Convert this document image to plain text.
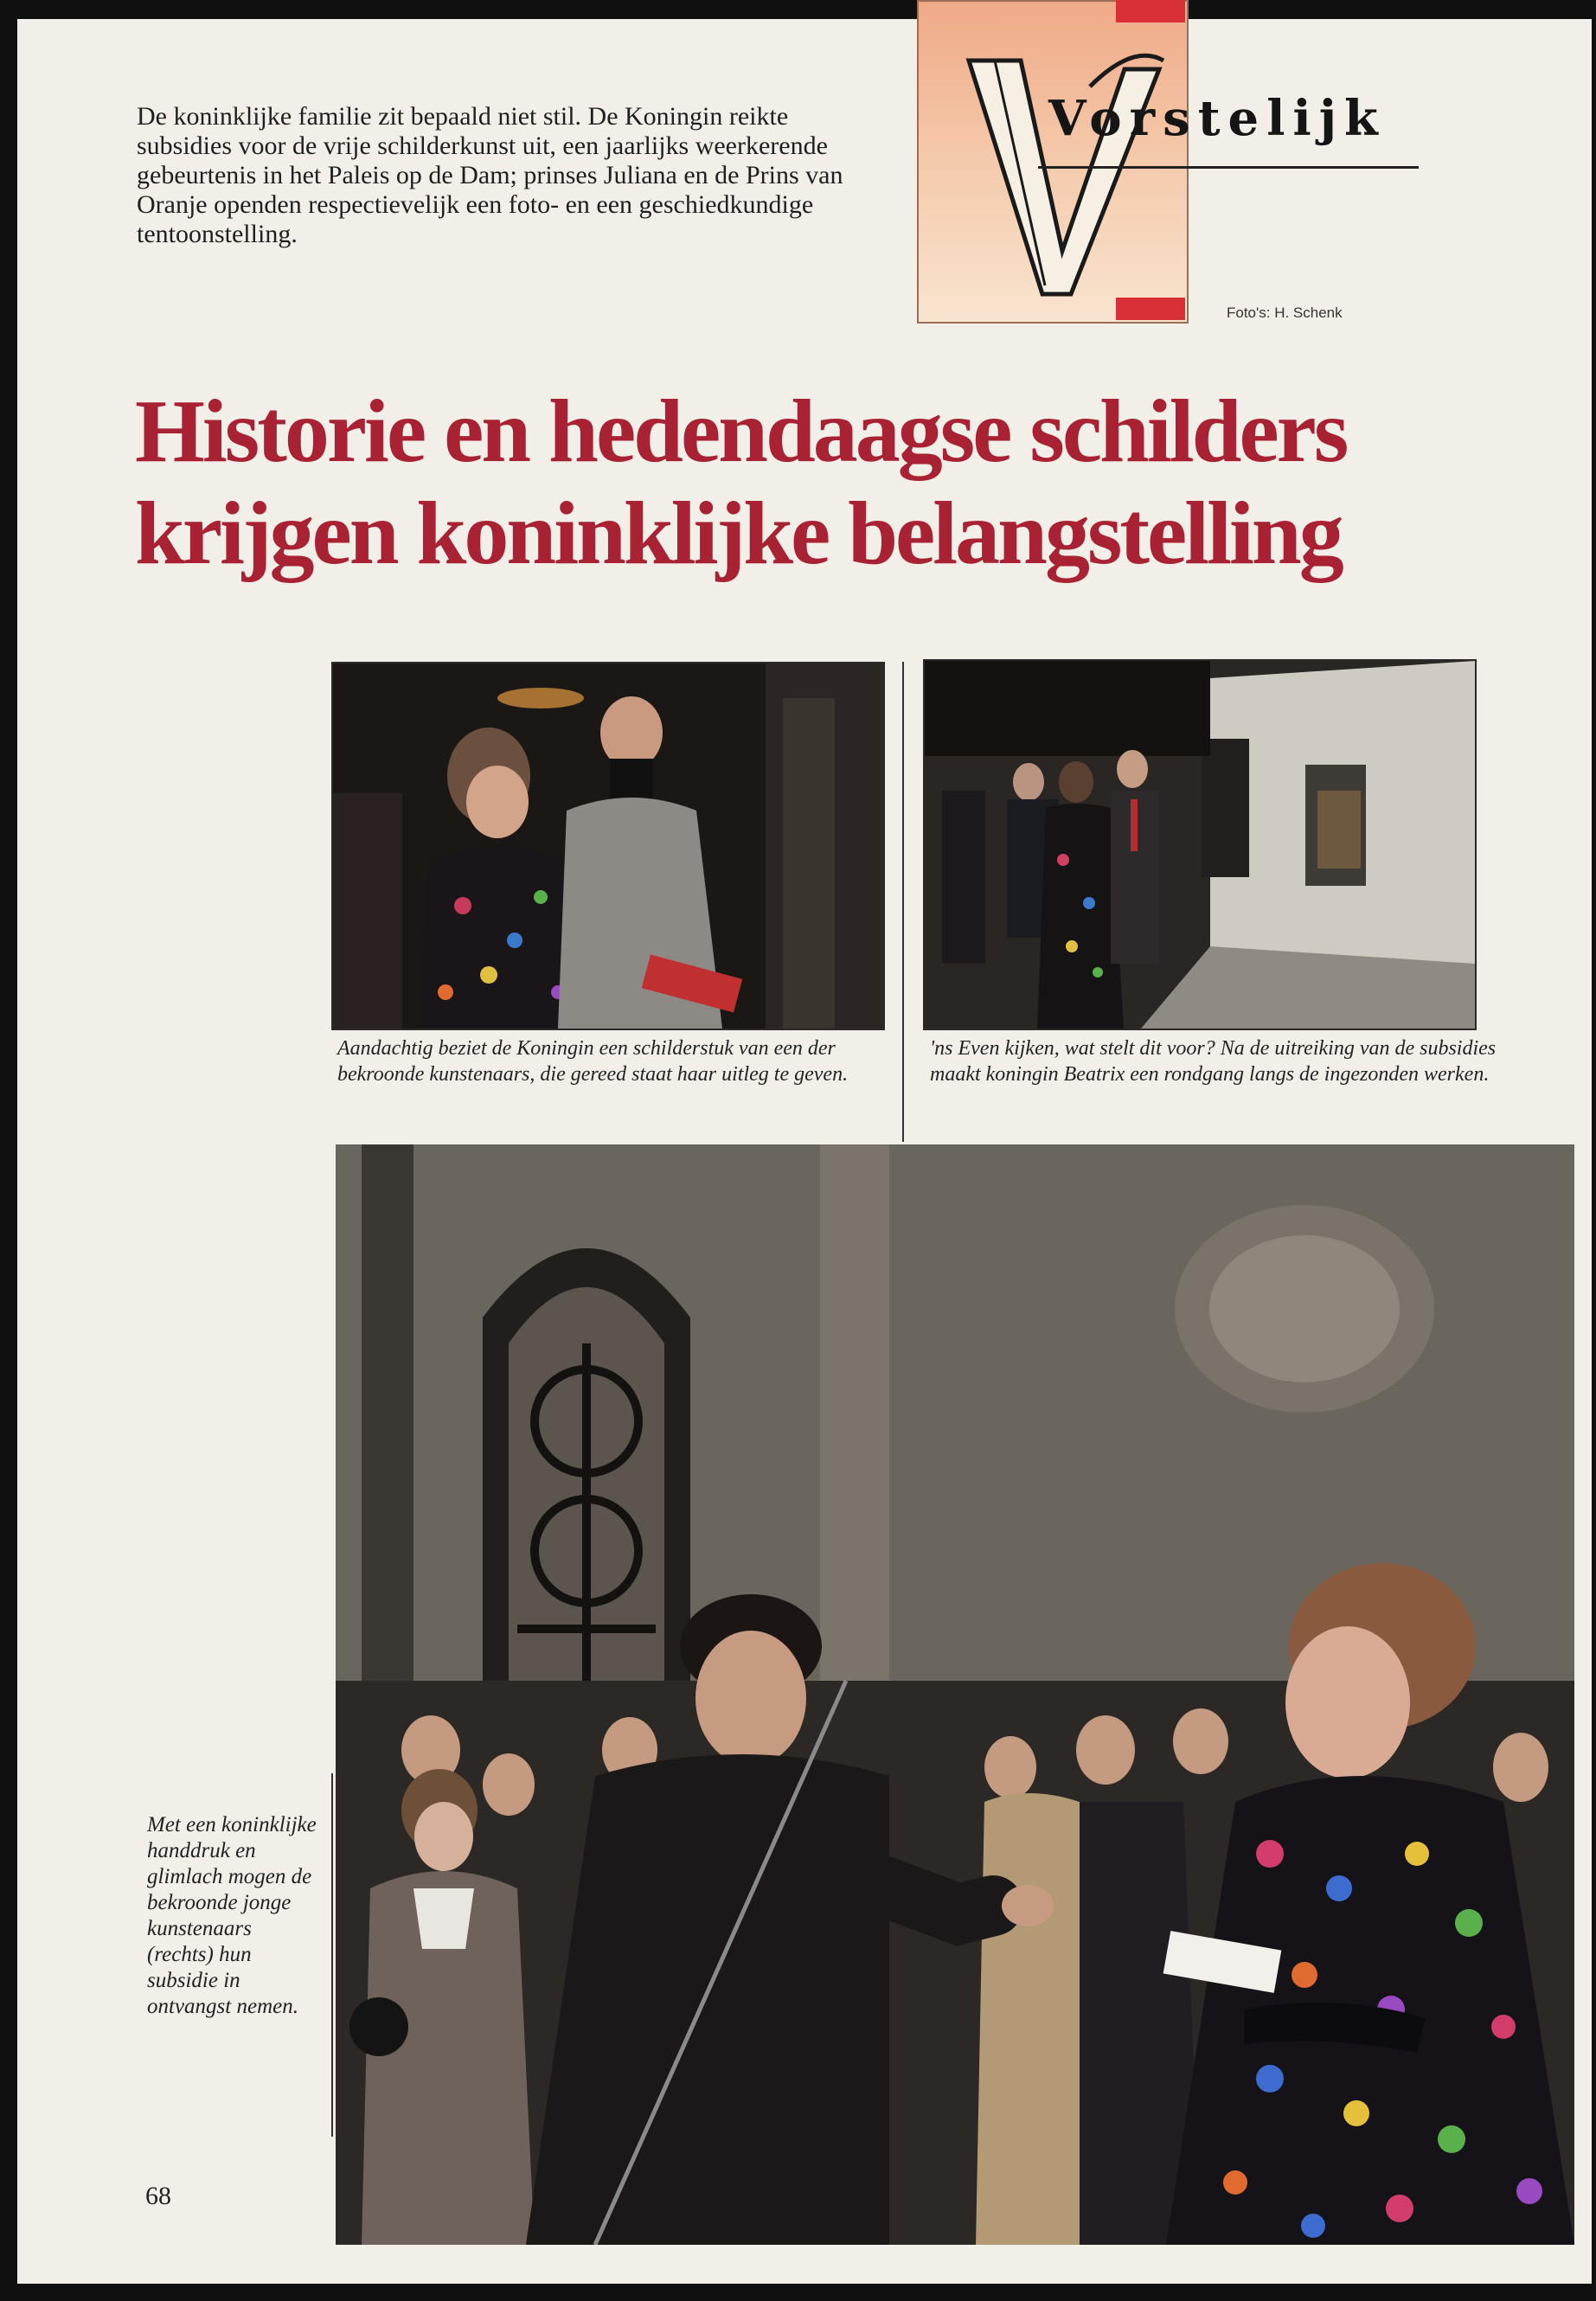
De koninklijke familie zit bepaald niet stil. De Koningin reikte subsidies voor de vrije schilderkunst uit, een jaarlijks weerkerende gebeurtenis in het Paleis op de Dam; prinses Juliana en de Prins van Oranje openden respectievelijk een foto- en een geschiedkundige tentoonstelling.

Vorstelijk
Foto's: H. Schenk
Historie en hedendaagse schilders krijgen koninklijke belangstelling

Aandachtig beziet de Koningin een schilderstuk van een der bekroonde kunstenaars, die gereed staat haar uitleg te geven.

'ns Even kijken, wat stelt dit voor? Na de uitreiking van de subsidies maakt koningin Beatrix een rondgang langs de ingezonden werken.

Met een koninklijke handdruk en glimlach mogen de bekroonde jonge kunstenaars (rechts) hun subsidie in ontvangst nemen.

68
